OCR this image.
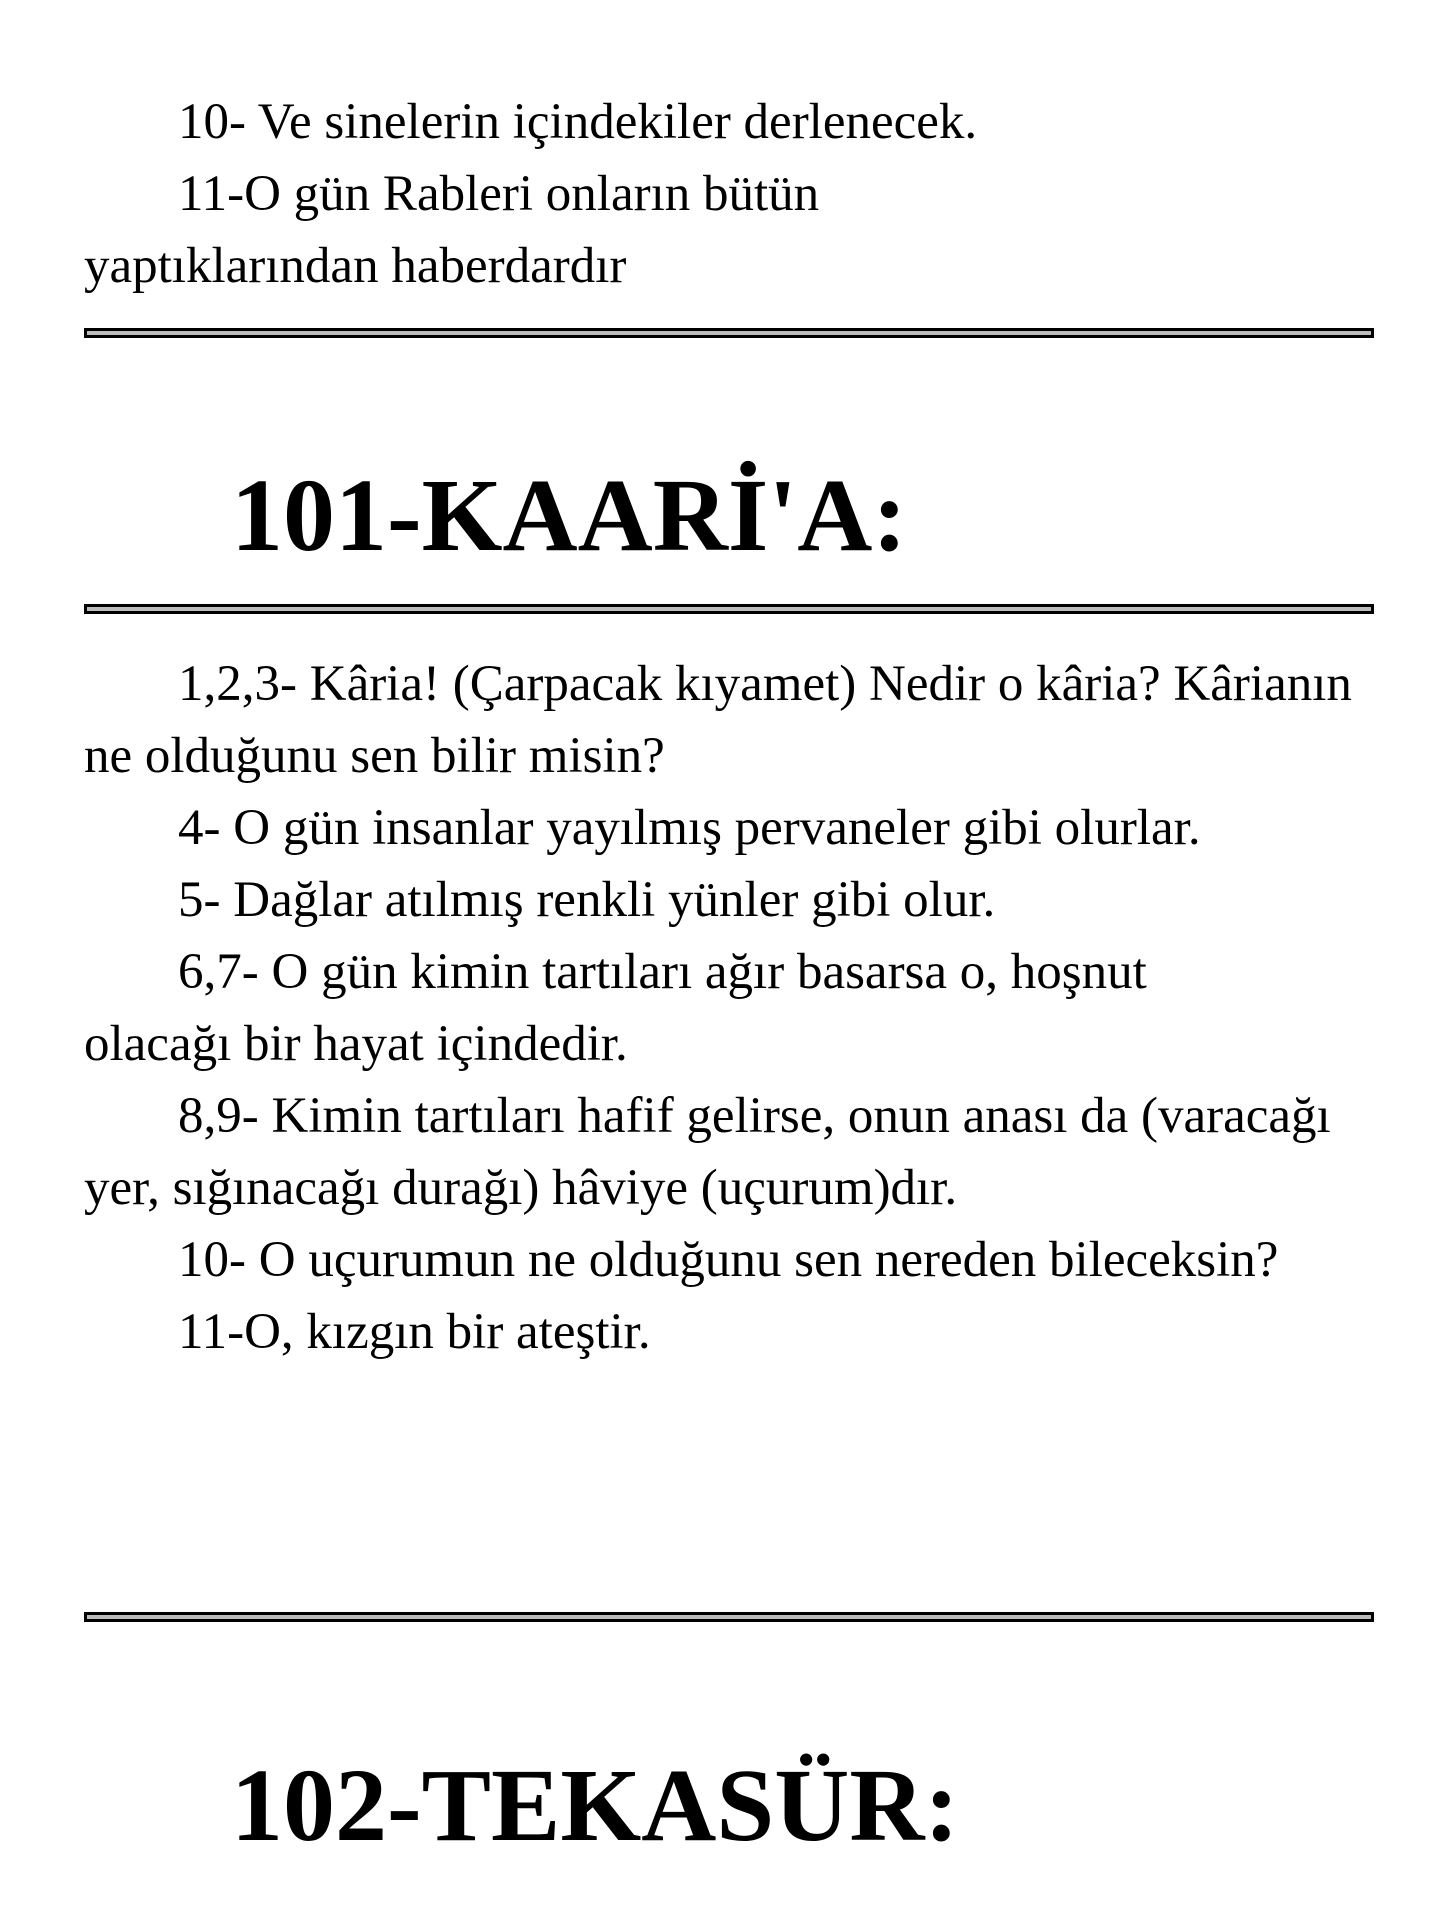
10- Ve sinelerin içindekiler derlenecek.

11-O gün Rableri onların bütün yaptıklarından haberdardır

101-KAARİ'A:

1,2,3- Kâria! (Çarpacak kıyamet) Nedir o kâria? Kârianın ne olduğunu sen bilir misin?

4- O gün insanlar yayılmış pervaneler gibi olurlar.

5- Dağlar atılmış renkli yünler gibi olur.

6,7- O gün kimin tartıları ağır basarsa o, hoşnut olacağı bir hayat içindedir.

8,9- Kimin tartıları hafif gelirse, onun anası da (varacağı yer, sığınacağı durağı) hâviye (uçurum)dır.

10- O uçurumun ne olduğunu sen nereden bileceksin?

11-O, kızgın bir ateştir.

102-TEKASÜR:
